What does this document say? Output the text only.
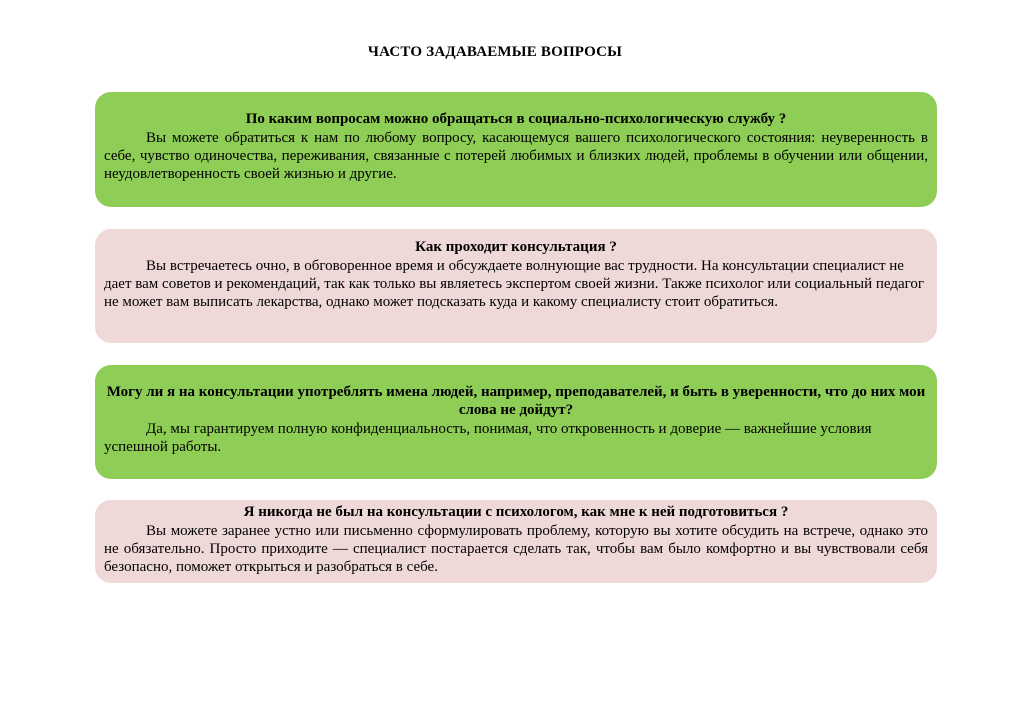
ЧАСТО ЗАДАВАЕМЫЕ ВОПРОСЫ
По каким вопросам можно обращаться в социально-психологическую службу ?
Вы можете обратиться к нам по любому вопросу, касающемуся вашего психологического состояния: неуверенность в себе, чувство одиночества, переживания, связанные с потерей любимых и близких людей, проблемы в обучении или общении, неудовлетворенность своей жизнью и другие.
Как проходит консультация ?
Вы встречаетесь очно, в обговоренное время и обсуждаете волнующие вас трудности. На консультации специалист не дает вам советов и рекомендаций, так как только вы являетесь экспертом своей жизни. Также психолог или социальный педагог не может вам выписать лекарства, однако может подсказать куда и какому специалисту стоит обратиться.
Могу ли я на консультации употреблять имена людей, например, преподавателей, и быть в уверенности, что до них мои слова не дойдут?
Да, мы гарантируем полную конфиденциальность, понимая, что откровенность и доверие — важнейшие условия успешной работы.
Я никогда не был на консультации с психологом, как мне к ней подготовиться ?
Вы можете заранее устно или письменно сформулировать проблему, которую вы хотите обсудить на встрече, однако это не обязательно. Просто приходите — специалист постарается сделать так, чтобы вам было комфортно и вы чувствовали себя безопасно, поможет открыться и разобраться в себе.
